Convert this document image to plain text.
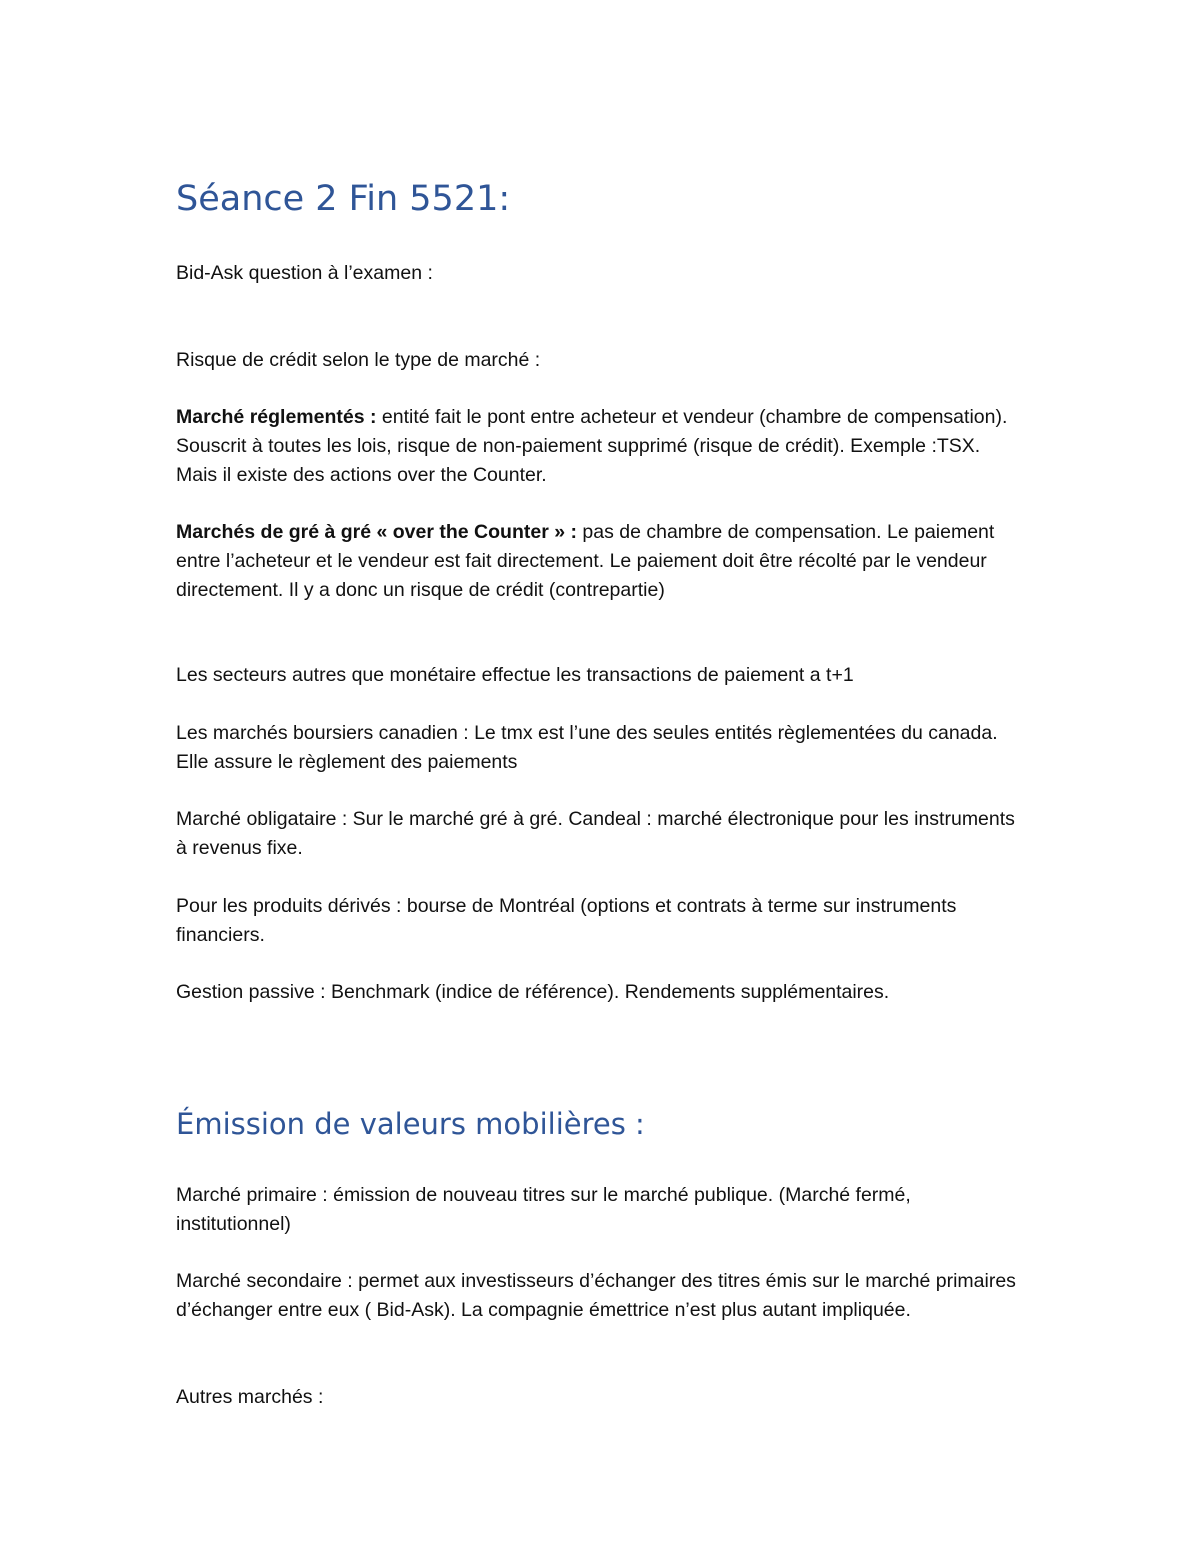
Séance 2 Fin 5521:
Bid-Ask question à l’examen :
Risque de crédit selon le type de marché :
Marché réglementés : entité fait le pont entre acheteur et vendeur (chambre de compensation). Souscrit à toutes les lois, risque de non-paiement supprimé (risque de crédit). Exemple :TSX. Mais il existe des actions over the Counter.
Marchés de gré à gré « over the Counter » : pas de chambre de compensation. Le paiement entre l’acheteur et le vendeur est fait directement. Le paiement doit être récolté par le vendeur directement. Il y a donc un risque de crédit (contrepartie)
Les secteurs autres que monétaire effectue les transactions de paiement a t+1
Les marchés boursiers canadien : Le tmx est l’une des seules entités règlementées du canada. Elle assure le règlement des paiements
Marché obligataire : Sur le marché gré à gré. Candeal : marché électronique pour les instruments à revenus fixe.
Pour les produits dérivés : bourse de Montréal (options et contrats à terme sur instruments financiers.
Gestion passive : Benchmark (indice de référence). Rendements supplémentaires.
Émission de valeurs mobilières :
Marché primaire : émission de nouveau titres sur le marché publique. (Marché fermé, institutionnel)
Marché secondaire : permet aux investisseurs d’échanger des titres émis sur le marché primaires d’échanger entre eux ( Bid-Ask). La compagnie émettrice n’est plus autant impliquée.
Autres marchés :
